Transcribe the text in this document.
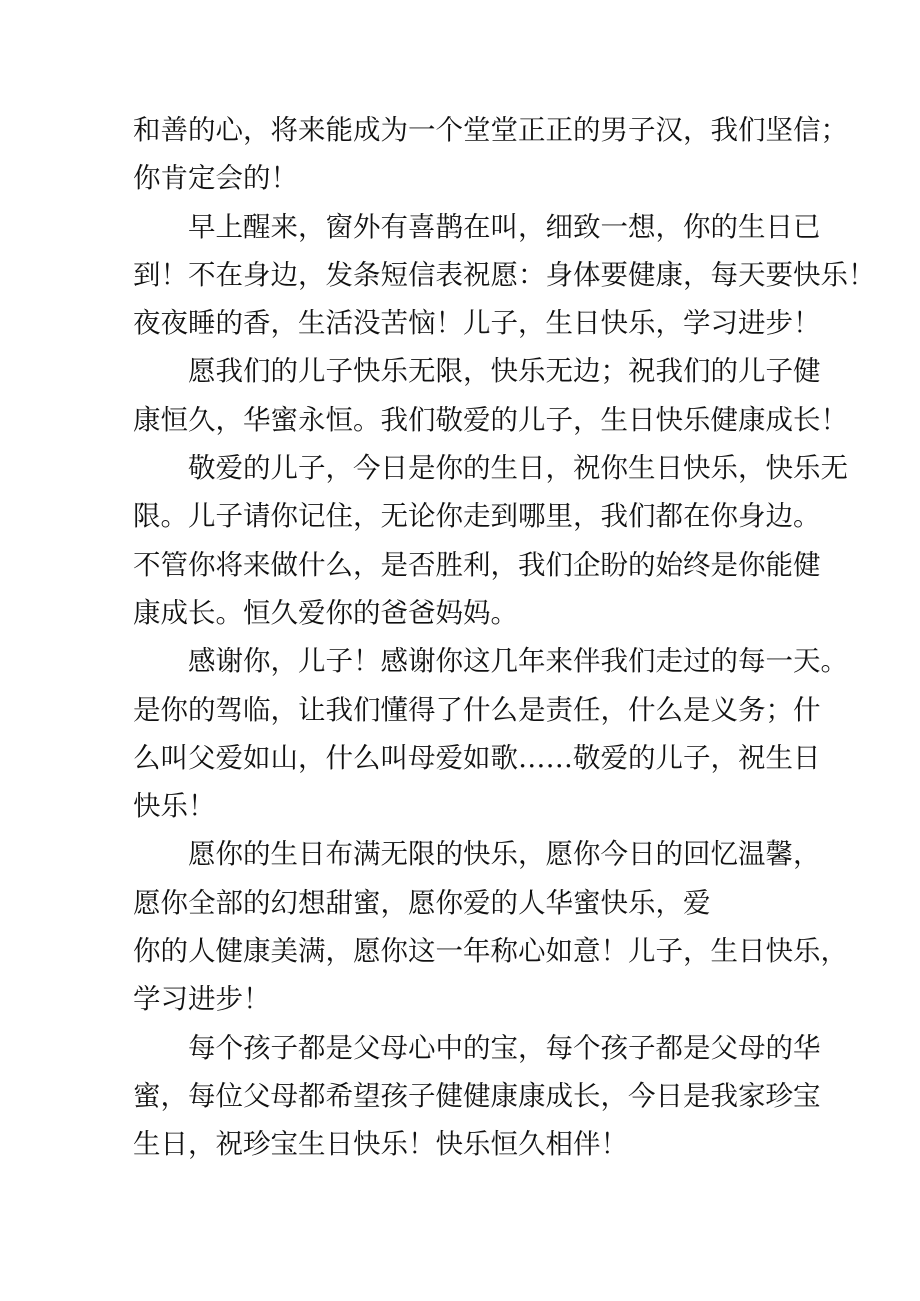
和善的心，将来能成为一个堂堂正正的男子汉，我们坚信；
你肯定会的！
早上醒来，窗外有喜鹊在叫，细致一想，你的生日已
到！不在身边，发条短信表祝愿：身体要健康，每天要快乐！
夜夜睡的香，生活没苦恼！儿子，生日快乐，学习进步！
愿我们的儿子快乐无限，快乐无边；祝我们的儿子健
康恒久，华蜜永恒。我们敬爱的儿子，生日快乐健康成长！
敬爱的儿子，今日是你的生日，祝你生日快乐，快乐无
限。儿子请你记住，无论你走到哪里，我们都在你身边。
不管你将来做什么，是否胜利，我们企盼的始终是你能健
康成长。恒久爱你的爸爸妈妈。
感谢你，儿子！感谢你这几年来伴我们走过的每一天。
是你的驾临，让我们懂得了什么是责任，什么是义务；什
么叫父爱如山，什么叫母爱如歌……敬爱的儿子，祝生日
快乐！
愿你的生日布满无限的快乐，愿你今日的回忆温馨，
愿你全部的幻想甜蜜，愿你爱的人华蜜快乐，爱
你的人健康美满，愿你这一年称心如意！儿子，生日快乐，
学习进步！
每个孩子都是父母心中的宝，每个孩子都是父母的华
蜜，每位父母都希望孩子健健康康成长，今日是我家珍宝
生日，祝珍宝生日快乐！快乐恒久相伴！
